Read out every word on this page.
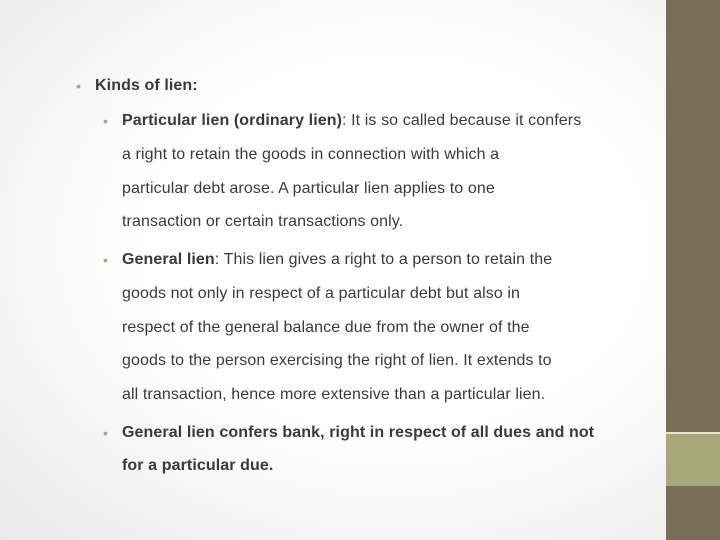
• Kinds of lien:
• Particular lien (ordinary lien): It is so called because it confers
a right to retain the goods in connection with which a
particular debt arose. A particular lien applies to one
transaction or certain transactions only.
• General lien: This lien gives a right to a person to retain the
goods not only in respect of a particular debt but also in
respect of the general balance due from the owner of the
goods to the person exercising the right of lien. It extends to
all transaction, hence more extensive than a particular lien.
• General lien confers bank, right in respect of all dues and not
for a particular due.
